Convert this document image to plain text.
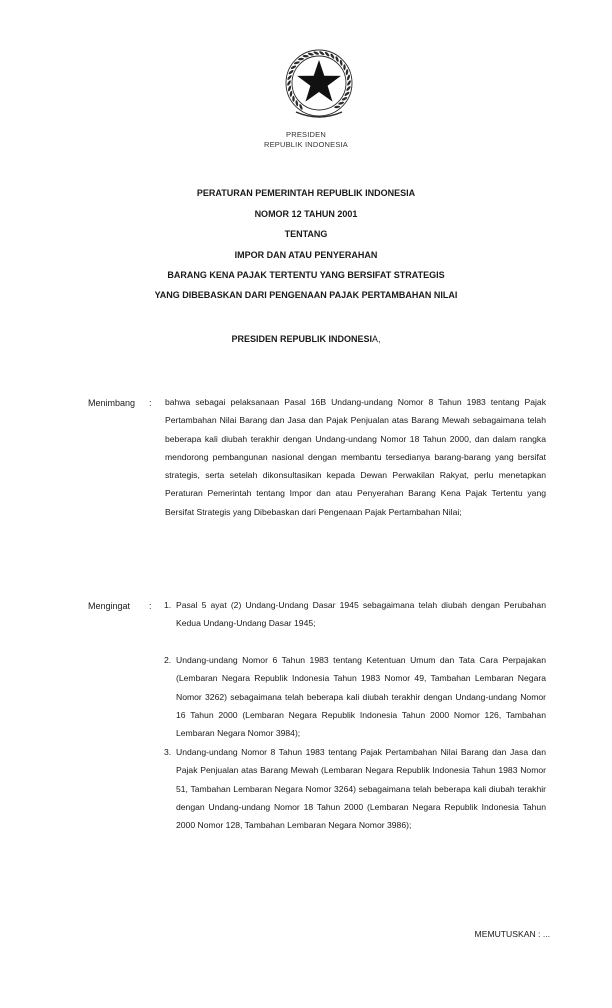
PRESIDEN
REPUBLIK INDONESIA
PERATURAN PEMERINTAH REPUBLIK INDONESIA
NOMOR 12 TAHUN 2001
TENTANG
IMPOR DAN ATAU PENYERAHAN
BARANG KENA PAJAK TERTENTU YANG BERSIFAT STRATEGIS
YANG DIBEBASKAN DARI PENGENAAN PAJAK PERTAMBAHAN NILAI
PRESIDEN REPUBLIK INDONESIA,
Menimbang : bahwa sebagai pelaksanaan Pasal 16B Undang-undang Nomor 8 Tahun 1983 tentang Pajak Pertambahan Nilai Barang dan Jasa dan Pajak Penjualan atas Barang Mewah sebagaimana telah beberapa kali diubah terakhir dengan Undang-undang Nomor 18 Tahun 2000, dan dalam rangka mendorong pembangunan nasional dengan membantu tersedianya barang-barang yang bersifat strategis, serta setelah dikonsultasikan kepada Dewan Perwakilan Rakyat, perlu menetapkan Peraturan Pemerintah tentang Impor dan atau Penyerahan Barang Kena Pajak Tertentu yang Bersifat Strategis yang Dibebaskan dari Pengenaan Pajak Pertambahan Nilai;

Mengingat : 1. Pasal 5 ayat (2) Undang-Undang Dasar 1945 sebagaimana telah diubah dengan Perubahan Kedua Undang-Undang Dasar 1945;

2. Undang-undang Nomor 6 Tahun 1983 tentang Ketentuan Umum dan Tata Cara Perpajakan (Lembaran Negara Republik Indonesia Tahun 1983 Nomor 49, Tambahan Lembaran Negara Nomor 3262) sebagaimana telah beberapa kali diubah terakhir dengan Undang-undang Nomor 16 Tahun 2000 (Lembaran Negara Republik Indonesia Tahun 2000 Nomor 126, Tambahan Lembaran Negara Nomor 3984);

3. Undang-undang Nomor 8 Tahun 1983 tentang Pajak Pertambahan Nilai Barang dan Jasa dan Pajak Penjualan atas Barang Mewah (Lembaran Negara Republik Indonesia Tahun 1983 Nomor 51, Tambahan Lembaran Negara Nomor 3264) sebagaimana telah beberapa kali diubah terakhir dengan Undang-undang Nomor 18 Tahun 2000 (Lembaran Negara Republik Indonesia Tahun 2000 Nomor 128, Tambahan Lembaran Negara Nomor 3986);

MEMUTUSKAN : ...
